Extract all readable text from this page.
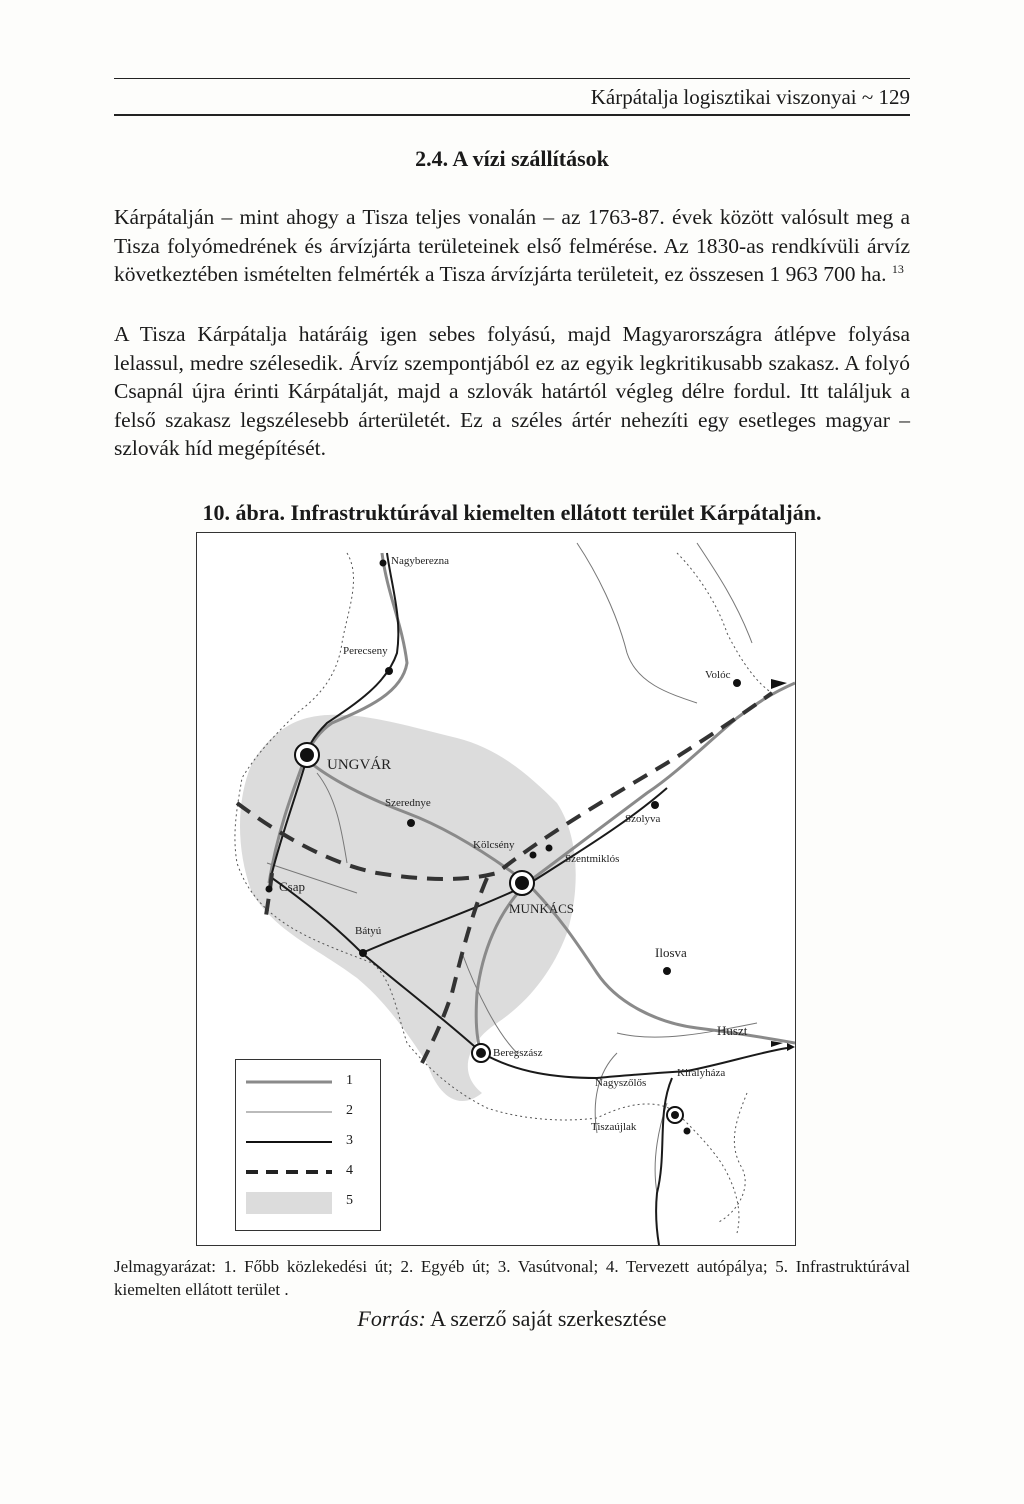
Kárpátalja logisztikai viszonyai ~ 129
2.4. A vízi szállítások

Kárpátalján – mint ahogy a Tisza teljes vonalán – az 1763-87. évek között valósult meg a Tisza folyómedrének és árvízjárta területeinek első felmérése. Az 1830-as rendkívüli árvíz következtében ismételten felmérték a Tisza árvízjárta területeit, ez összesen 1 963 700 ha. $^{13}$

A Tisza Kárpátalja határáig igen sebes folyású, majd Magyarországra átlépve folyása lelassul, medre szélesedik. Árvíz szempontjából ez az egyik legkritikusabb szakasz. A folyó Csapnál újra érinti Kárpátalját, majd a szlovák határtól végleg délre fordul. Itt találjuk a felső szakasz legszélesebb árterületét. Ez a széles ártér nehezíti egy esetleges magyar – szlovák híd megépítését.

10. ábra. Infrastruktúrával kiemelten ellátott terület Kárpátalján.
Nagyberezna
Perecseny
Volóc
UNGVÁR
Szerednye
Szolyva
Kölcsény
Szentmiklós
Csap
MUNKÁCS
Bátyú
Ilosva
Huszt
Beregszász
Királyháza
Nagyszőlős
Tiszaújlak
1
2
3
4
5

Jelmagyarázat: 1. Főbb közlekedési út; 2. Egyéb út; 3. Vasútvonal; 4. Tervezett autópálya; 5. Infrastruktúrával kiemelten ellátott terület .

Forrás: A szerző saját szerkesztése
